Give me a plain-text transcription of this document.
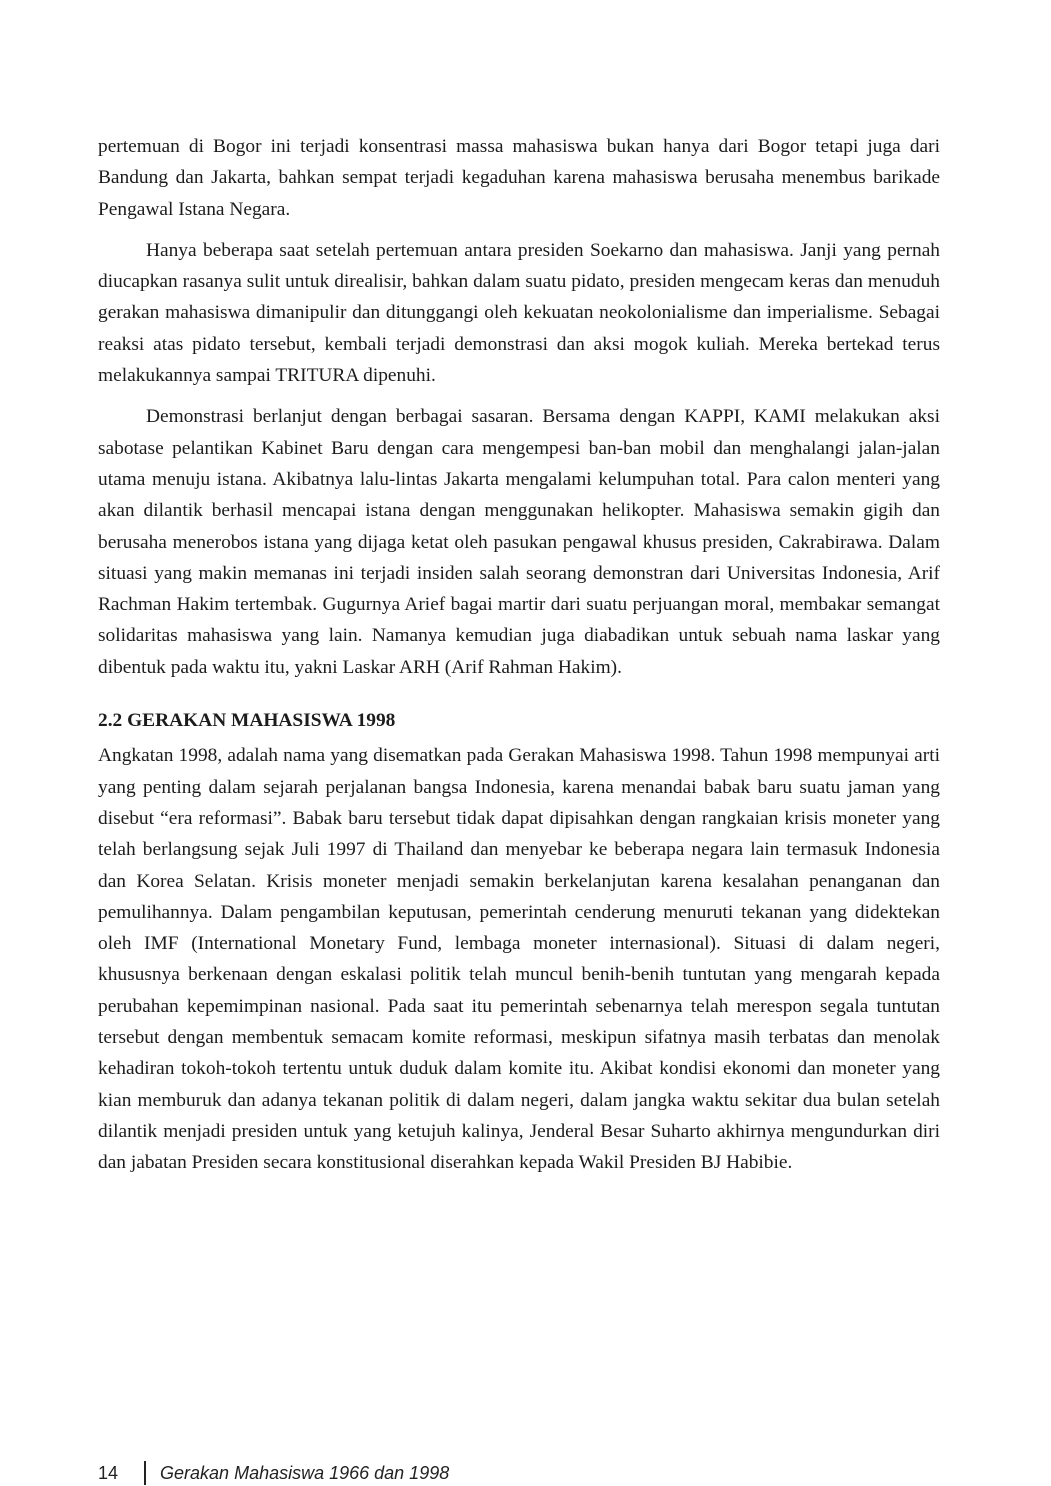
pertemuan di Bogor ini terjadi konsentrasi massa mahasiswa bukan hanya dari Bogor tetapi juga dari Bandung dan Jakarta, bahkan sempat terjadi kegaduhan karena mahasiswa berusaha menembus barikade Pengawal Istana Negara.

Hanya beberapa saat setelah pertemuan antara presiden Soekarno dan mahasiswa. Janji yang pernah diucapkan rasanya sulit untuk direalisir, bahkan dalam suatu pidato, presiden mengecam keras dan menuduh gerakan mahasiswa dimanipulir dan ditunggangi oleh kekuatan neokolonialisme dan imperialisme. Sebagai reaksi atas pidato tersebut, kembali terjadi demonstrasi dan aksi mogok kuliah. Mereka bertekad terus melakukannya sampai TRITURA dipenuhi.

Demonstrasi berlanjut dengan berbagai sasaran. Bersama dengan KAPPI, KAMI melakukan aksi sabotase pelantikan Kabinet Baru dengan cara mengempesi ban-ban mobil dan menghalangi jalan-jalan utama menuju istana. Akibatnya lalu-lintas Jakarta mengalami kelumpuhan total. Para calon menteri yang akan dilantik berhasil mencapai istana dengan menggunakan helikopter. Mahasiswa semakin gigih dan berusaha menerobos istana yang dijaga ketat oleh pasukan pengawal khusus presiden, Cakrabirawa. Dalam situasi yang makin memanas ini terjadi insiden salah seorang demonstran dari Universitas Indonesia, Arif Rachman Hakim tertembak. Gugurnya Arief bagai martir dari suatu perjuangan moral, membakar semangat solidaritas mahasiswa yang lain. Namanya kemudian juga diabadikan untuk sebuah nama laskar yang dibentuk pada waktu itu, yakni Laskar ARH (Arif Rahman Hakim).

2.2 GERAKAN MAHASISWA 1998

Angkatan 1998, adalah nama yang disematkan pada Gerakan Mahasiswa 1998. Tahun 1998 mempunyai arti yang penting dalam sejarah perjalanan bangsa Indonesia, karena menandai babak baru suatu jaman yang disebut “era reformasi”. Babak baru tersebut tidak dapat dipisahkan dengan rangkaian krisis moneter yang telah berlangsung sejak Juli 1997 di Thailand dan menyebar ke beberapa negara lain termasuk Indonesia dan Korea Selatan. Krisis moneter menjadi semakin berkelanjutan karena kesalahan penanganan dan pemulihannya. Dalam pengambilan keputusan, pemerintah cenderung menuruti tekanan yang didektekan oleh IMF (International Monetary Fund, lembaga moneter internasional). Situasi di dalam negeri, khususnya berkenaan dengan eskalasi politik telah muncul benih-benih tuntutan yang mengarah kepada perubahan kepemimpinan nasional. Pada saat itu pemerintah sebenarnya telah merespon segala tuntutan tersebut dengan membentuk semacam komite reformasi, meskipun sifatnya masih terbatas dan menolak kehadiran tokoh-tokoh tertentu untuk duduk dalam komite itu. Akibat kondisi ekonomi dan moneter yang kian memburuk dan adanya tekanan politik di dalam negeri, dalam jangka waktu sekitar dua bulan setelah dilantik menjadi presiden untuk yang ketujuh kalinya, Jenderal Besar Suharto akhirnya mengundurkan diri dan jabatan Presiden secara konstitusional diserahkan kepada Wakil Presiden BJ Habibie.

14 Gerakan Mahasiswa 1966 dan 1998
